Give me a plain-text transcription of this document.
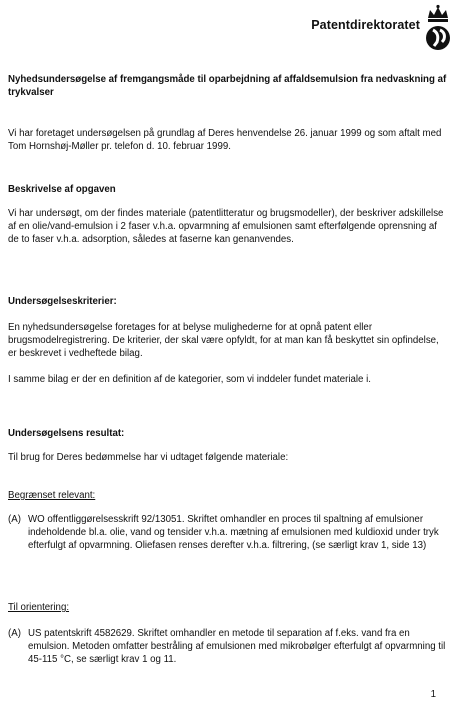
Patentdirektoratet

Nyhedsundersøgelse af fremgangsmåde til oparbejdning af affaldsemulsion fra nedvaskning af trykvalser

Vi har foretaget undersøgelsen på grundlag af Deres henvendelse 26. januar 1999 og som aftalt med Tom Hornshøj-Møller pr. telefon d. 10. februar 1999.

Beskrivelse af opgaven

Vi har undersøgt, om der findes materiale (patentlitteratur og brugsmodeller), der beskriver adskillelse af en olie/vand-emulsion i 2 faser v.h.a. opvarmning af emulsionen samt efterfølgende oprensning af de to faser v.h.a. adsorption, således at faserne kan genanvendes.

Undersøgelseskriterier:

En nyhedsundersøgelse foretages for at belyse mulighederne for at opnå patent eller brugsmodelregistrering. De kriterier, der skal være opfyldt, for at man kan få beskyttet sin opfindelse, er beskrevet i vedheftede bilag.

I samme bilag er der en definition af de kategorier, som vi inddeler fundet materiale i.

Undersøgelsens resultat:

Til brug for Deres bedømmelse har vi udtaget følgende materiale:

Begrænset relevant:

(A) WO offentliggørelsesskrift 92/13051. Skriftet omhandler en proces til spaltning af emulsioner indeholdende bl.a. olie, vand og tensider v.h.a. mætning af emulsionen med kuldioxid under tryk efterfulgt af opvarmning. Oliefasen renses derefter v.h.a. filtrering, (se særligt krav 1, side 13)

Til orientering:

(A) US patentskrift 4582629. Skriftet omhandler en metode til separation af f.eks. vand fra en emulsion. Metoden omfatter bestråling af emulsionen med mikrobølger efterfulgt af opvarmning til 45-115 °C, se særligt krav 1 og 11.
1
